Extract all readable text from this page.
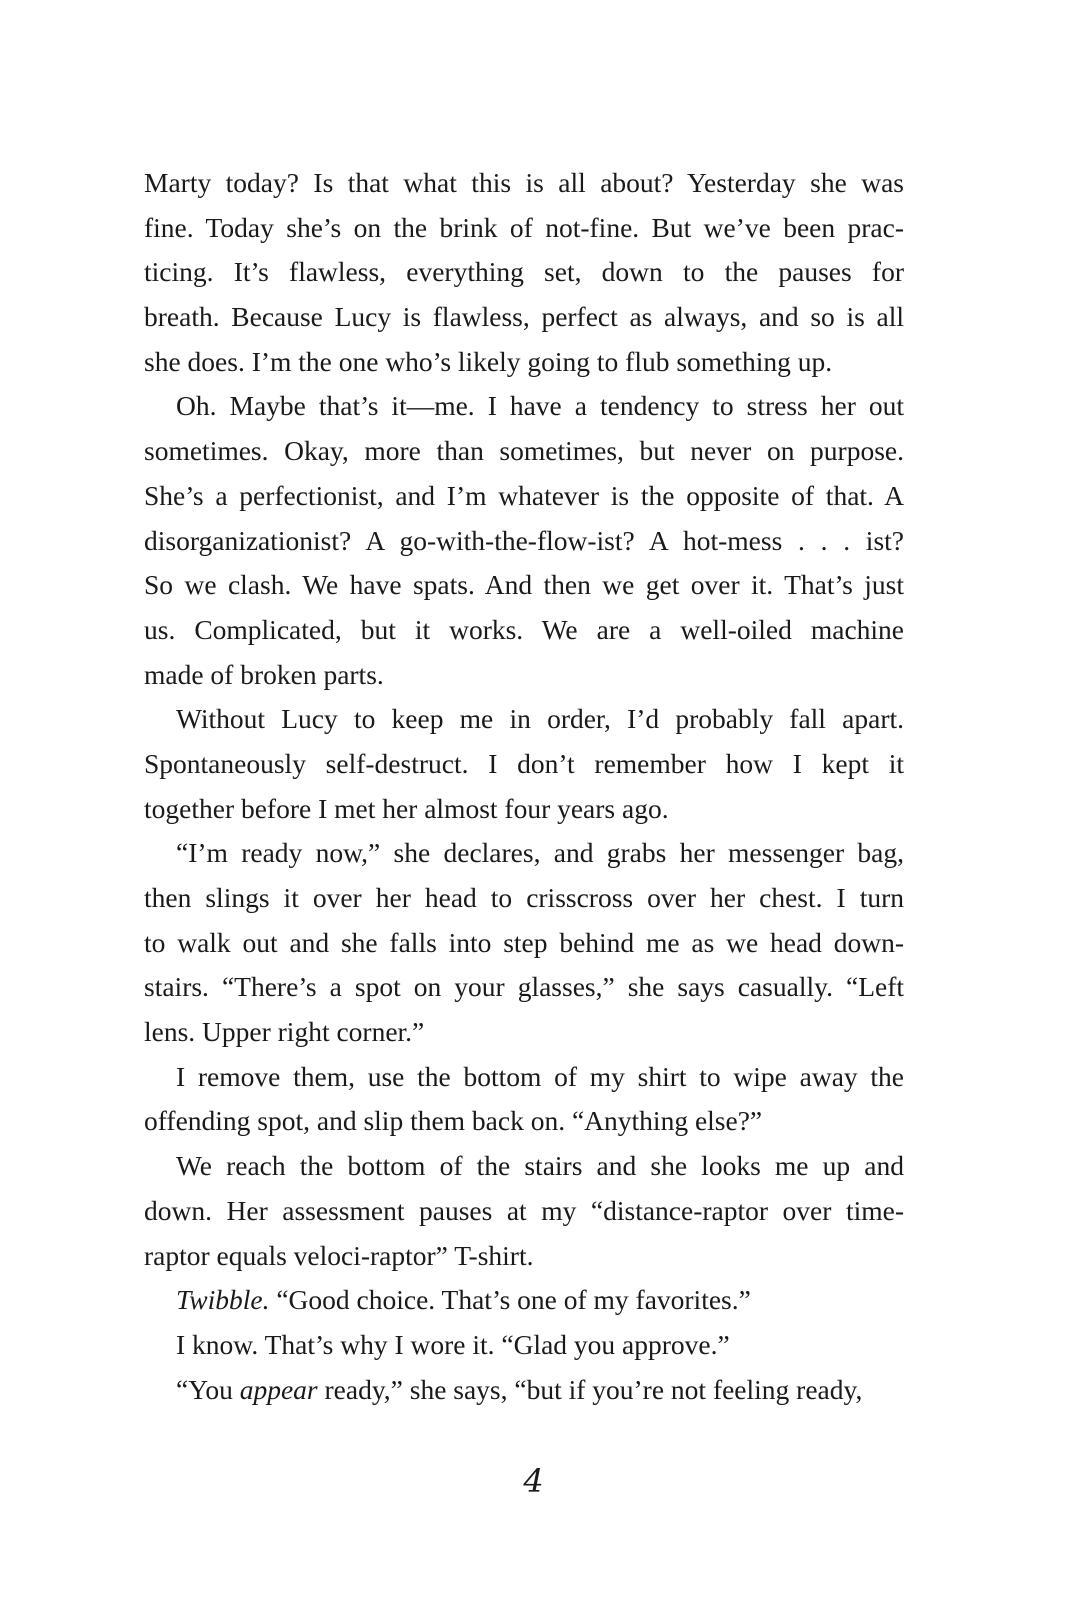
Marty today? Is that what this is all about? Yesterday she was
fine. Today she’s on the brink of not-fine. But we’ve been prac-
ticing. It’s flawless, everything set, down to the pauses for
breath. Because Lucy is flawless, perfect as always, and so is all
she does. I’m the one who’s likely going to flub something up.
Oh. Maybe that’s it—me. I have a tendency to stress her out
sometimes. Okay, more than sometimes, but never on purpose.
She’s a perfectionist, and I’m whatever is the opposite of that. A
disorganizationist? A go-with-the-flow-ist? A hot-mess . . . ist?
So we clash. We have spats. And then we get over it. That’s just
us. Complicated, but it works. We are a well-oiled machine
made of broken parts.
Without Lucy to keep me in order, I’d probably fall apart.
Spontaneously self-destruct. I don’t remember how I kept it
together before I met her almost four years ago.
“I’m ready now,” she declares, and grabs her messenger bag,
then slings it over her head to crisscross over her chest. I turn
to walk out and she falls into step behind me as we head down-
stairs. “There’s a spot on your glasses,” she says casually. “Left
lens. Upper right corner.”
I remove them, use the bottom of my shirt to wipe away the
offending spot, and slip them back on. “Anything else?”
We reach the bottom of the stairs and she looks me up and
down. Her assessment pauses at my “distance-raptor over time-
raptor equals veloci-raptor” T-shirt.
Twibble. “Good choice. That’s one of my favorites.”
I know. That’s why I wore it. “Glad you approve.”
“You appear ready,” she says, “but if you’re not feeling ready,
4
